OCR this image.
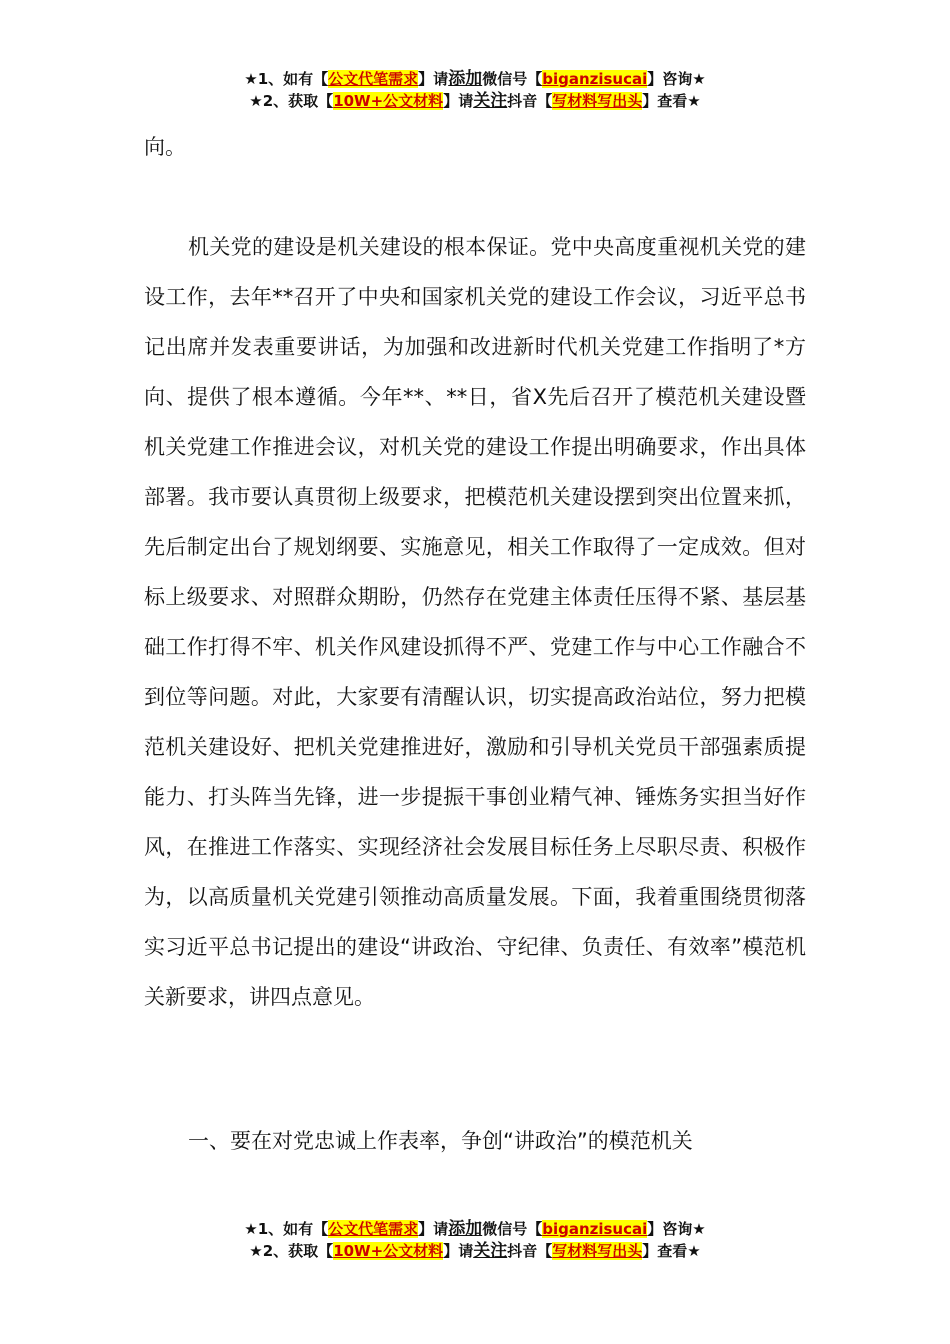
★1、如有【公文代笔需求】请添加微信号【biganzisucai】咨询★
★2、获取【10W+公文材料】请关注抖音【写材料写出头】查看★
向。
机关党的建设是机关建设的根本保证。党中央高度重视机关党的建设工作，去年**召开了中央和国家机关党的建设工作会议，习近平总书记出席并发表重要讲话，为加强和改进新时代机关党建工作指明了*方向、提供了根本遵循。今年**、**日，省X先后召开了模范机关建设暨机关党建工作推进会议，对机关党的建设工作提出明确要求，作出具体部署。我市要认真贯彻上级要求，把模范机关建设摆到突出位置来抓，先后制定出台了规划纲要、实施意见，相关工作取得了一定成效。但对标上级要求、对照群众期盼，仍然存在党建主体责任压得不紧、基层基础工作打得不牢、机关作风建设抓得不严、党建工作与中心工作融合不到位等问题。对此，大家要有清醒认识，切实提高政治站位，努力把模范机关建设好、把机关党建推进好，激励和引导机关党员干部强素质提能力、打头阵当先锋，进一步提振干事创业精气神、锤炼务实担当好作风，在推进工作落实、实现经济社会发展目标任务上尽职尽责、积极作为，以高质量机关党建引领推动高质量发展。下面，我着重围绕贯彻落实习近平总书记提出的建设“讲政治、守纪律、负责任、有效率”模范机关新要求，讲四点意见。
一、要在对党忠诚上作表率，争创“讲政治”的模范机关
★1、如有【公文代笔需求】请添加微信号【biganzisucai】咨询★
★2、获取【10W+公文材料】请关注抖音【写材料写出头】查看★
